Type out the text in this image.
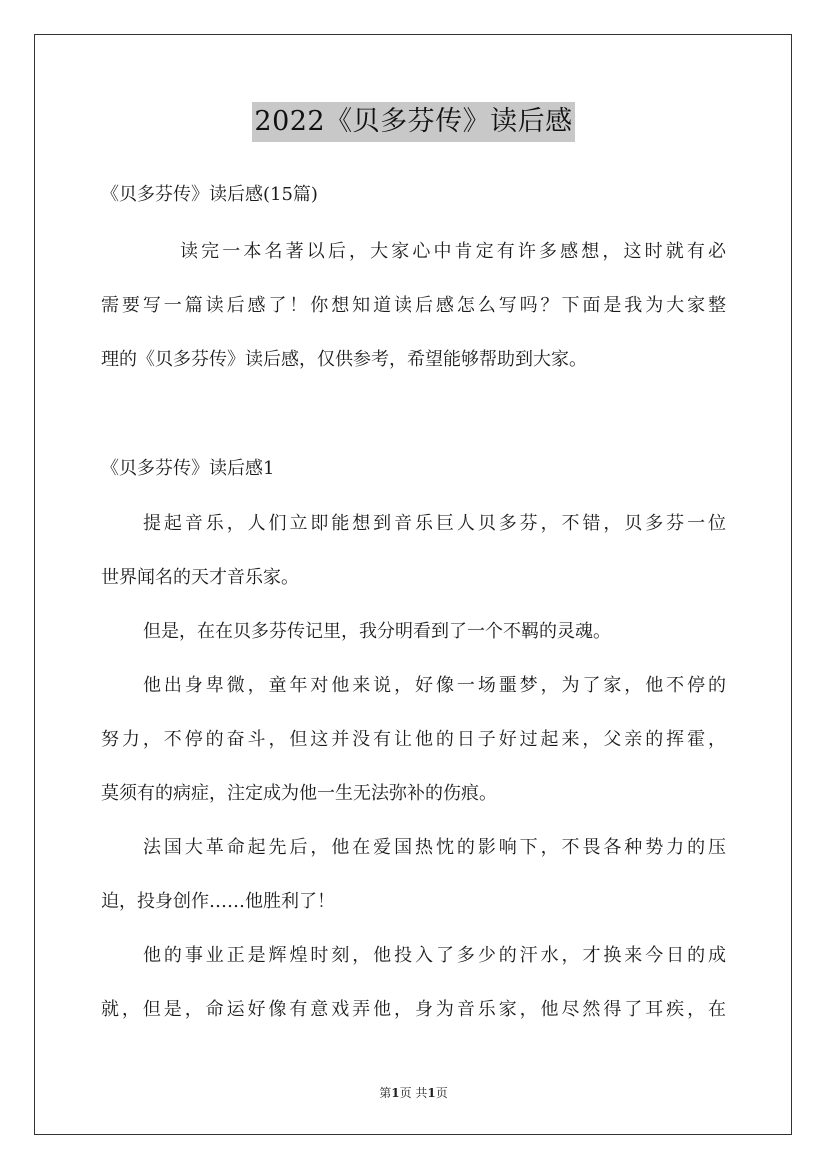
2022《贝多芬传》读后感
《贝多芬传》读后感(15篇)
读完一本名著以后，大家心中肯定有许多感想，这时就有必
需要写一篇读后感了！你想知道读后感怎么写吗？下面是我为大家整
理的《贝多芬传》读后感，仅供参考，希望能够帮助到大家。
《贝多芬传》读后感1
提起音乐，人们立即能想到音乐巨人贝多芬，不错，贝多芬一位
世界闻名的天才音乐家。
但是，在在贝多芬传记里，我分明看到了一个不羁的灵魂。
他出身卑微，童年对他来说，好像一场噩梦，为了家，他不停的
努力，不停的奋斗，但这并没有让他的日子好过起来，父亲的挥霍，
莫须有的病症，注定成为他一生无法弥补的伤痕。
法国大革命起先后，他在爱国热忱的影响下，不畏各种势力的压
迫，投身创作……他胜利了！
他的事业正是辉煌时刻，他投入了多少的汗水，才换来今日的成
就，但是，命运好像有意戏弄他，身为音乐家，他尽然得了耳疾，在
第1页 共1页
